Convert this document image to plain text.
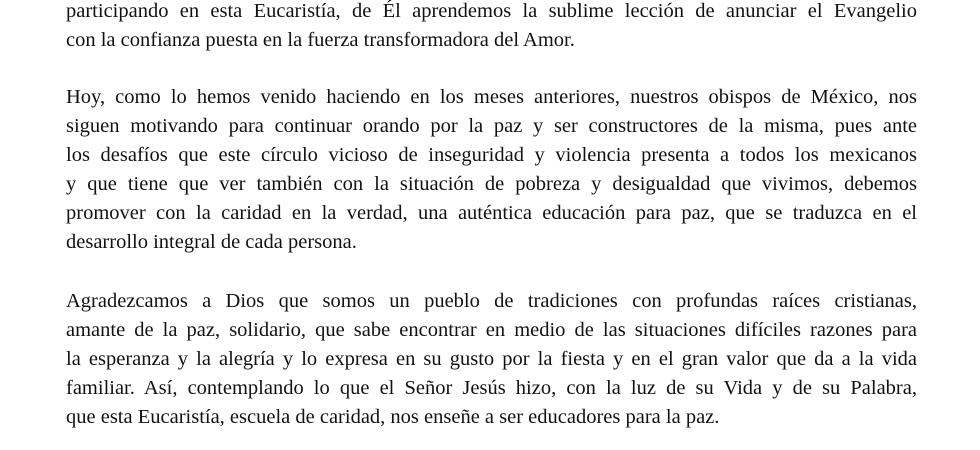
participando en esta Eucaristía, de Él aprendemos la sublime lección de anunciar el Evangelio
con la confianza puesta en la fuerza transformadora del Amor.
Hoy, como lo hemos venido haciendo en los meses anteriores, nuestros obispos de México, nos
siguen motivando para continuar orando por la paz y ser constructores de la misma, pues ante
los desafíos que este círculo vicioso de inseguridad y violencia presenta a todos los mexicanos
y que tiene que ver también con la situación de pobreza y desigualdad que vivimos, debemos
promover con la caridad en la verdad, una auténtica educación para paz, que se traduzca en el
desarrollo integral de cada persona.
Agradezcamos a Dios que somos un pueblo de tradiciones con profundas raíces cristianas,
amante de la paz, solidario, que sabe encontrar en medio de las situaciones difíciles razones para
la esperanza y la alegría y lo expresa en su gusto por la fiesta y en el gran valor que da a la vida
familiar. Así, contemplando lo que el Señor Jesús hizo, con la luz de su Vida y de su Palabra,
que esta Eucaristía, escuela de caridad, nos enseñe a ser educadores para la paz.
